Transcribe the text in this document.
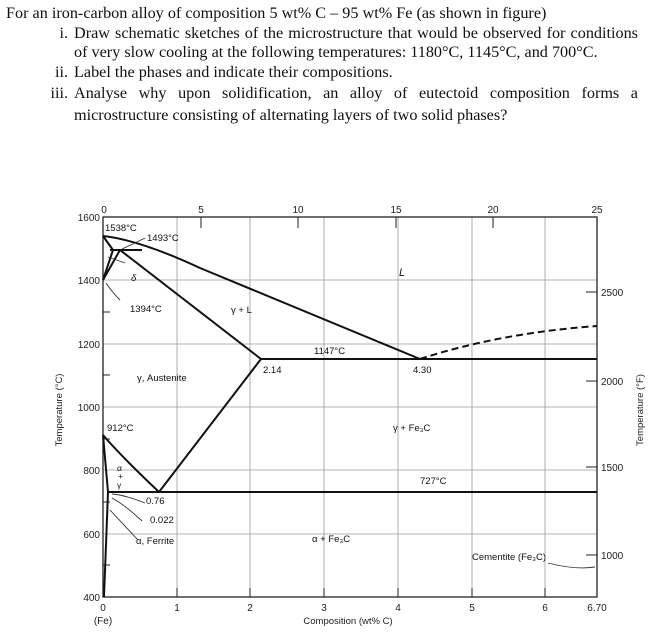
For an iron-carbon alloy of composition 5 wt% C – 95 wt% Fe (as shown in figure)

i. Draw schematic sketches of the microstructure that would be observed for conditions of very slow cooling at the following temperatures: 1180°C, 1145°C, and 700°C.

ii. Label the phases and indicate their compositions.

iii. Analyse why upon solidification, an alloy of eutectoid composition forms a microstructure consisting of alternating layers of two solid phases?

1600
1400
1200
1000
800
600
400
0	1	2	3	4	5	6	6.70
(Fe)	Composition (wt% C)
0	5	10	15	20	25
2500
2000
1500
1000
Temperature (°C)	Temperature (°F)
1538°C
1493°C
1394°C
1147°C
912°C
727°C
2.14	4.30
0.76
0.022
α, Ferrite
δ	L
γ + L
γ, Austenite
γ + Fe₃C
α + Fe₃C
Cementite (Fe₃C)
α
+
γ
